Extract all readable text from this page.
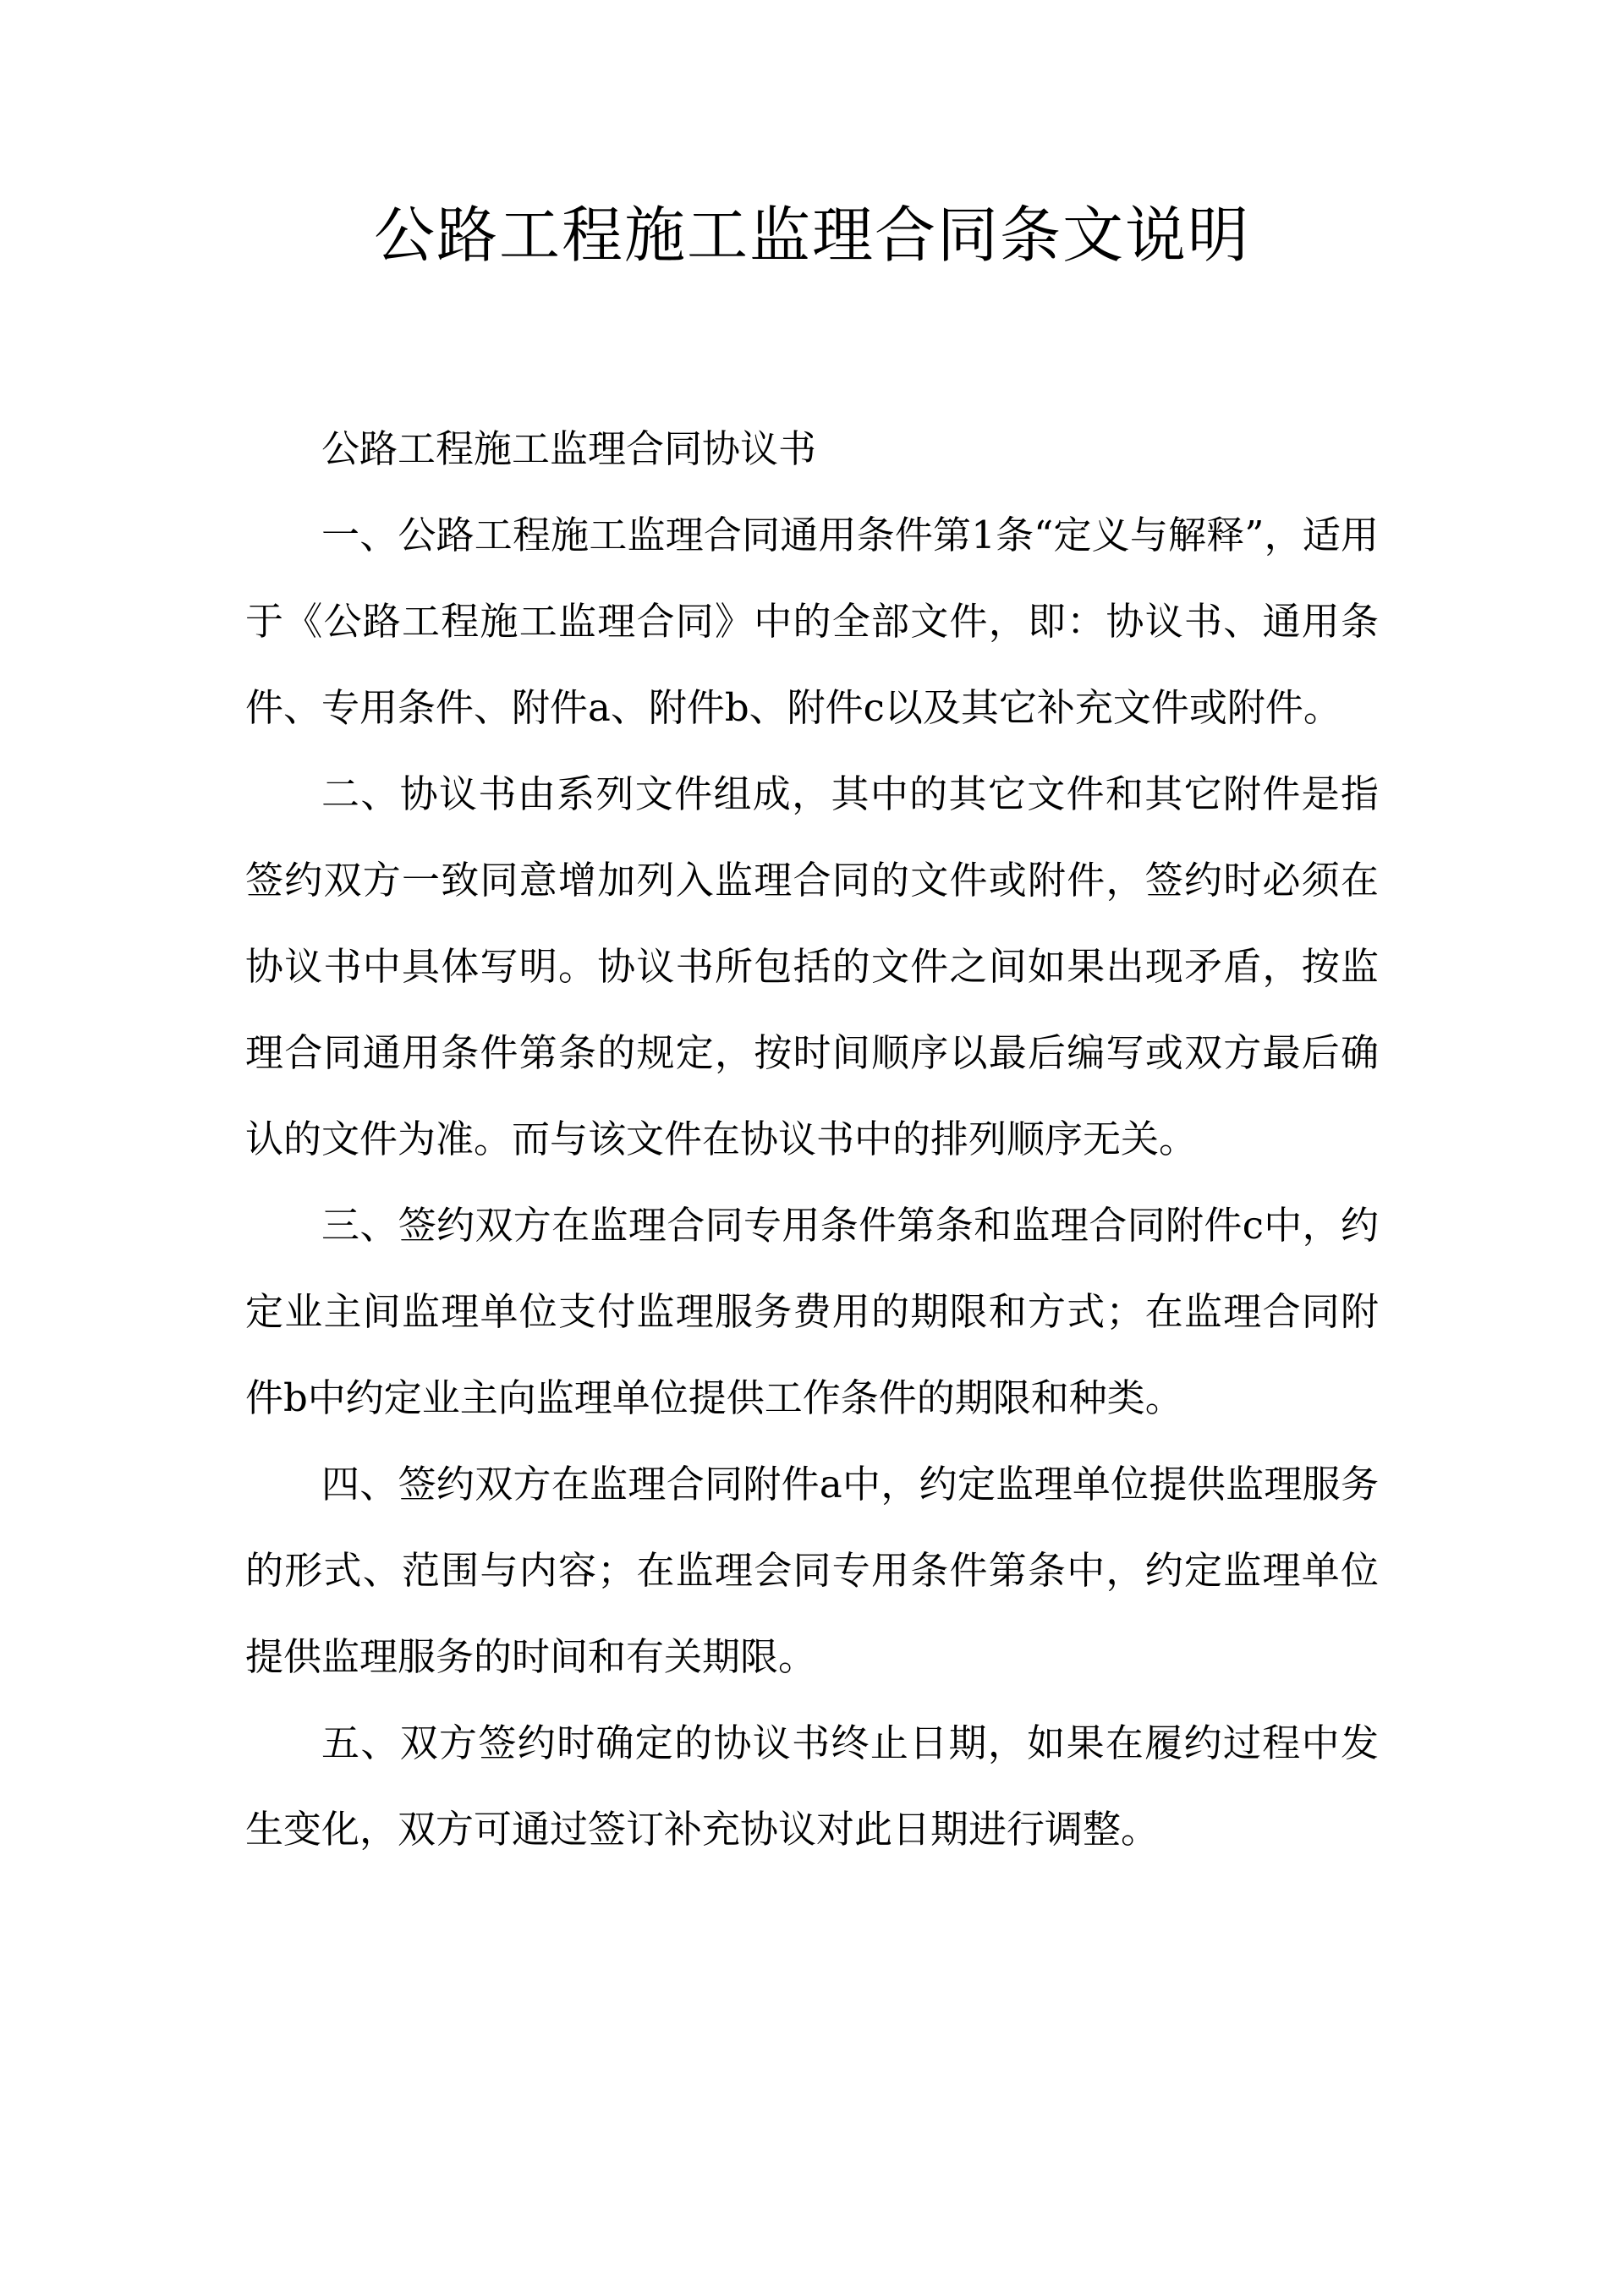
公路工程施工监理合同条文说明

公路工程施工监理合同协议书

一、公路工程施工监理合同通用条件第1条“定义与解释”，适用于《公路工程施工监理合同》中的全部文件，即：协议书、通用条件、专用条件、附件a、附件b、附件c以及其它补充文件或附件。

二、协议书由系列文件组成，其中的其它文件和其它附件是指签约双方一致同意增加列入监理合同的文件或附件，签约时必须在协议书中具体写明。协议书所包括的文件之间如果出现矛盾，按监理合同通用条件第条的规定，按时间顺序以最后编写或双方最后确认的文件为准。而与该文件在协议书中的排列顺序无关。

三、签约双方在监理合同专用条件第条和监理合同附件c中，约定业主间监理单位支付监理服务费用的期限和方式；在监理合同附件b中约定业主向监理单位提供工作条件的期限和种类。

四、签约双方在监理合同附件a中，约定监理单位提供监理服务的形式、范围与内容；在监理会同专用条件第条中，约定监理单位提供监理服务的时间和有关期限。

五、双方签约时确定的协议书终止日期，如果在履约过程中发生变化，双方可通过签订补充协议对此日期进行调整。
